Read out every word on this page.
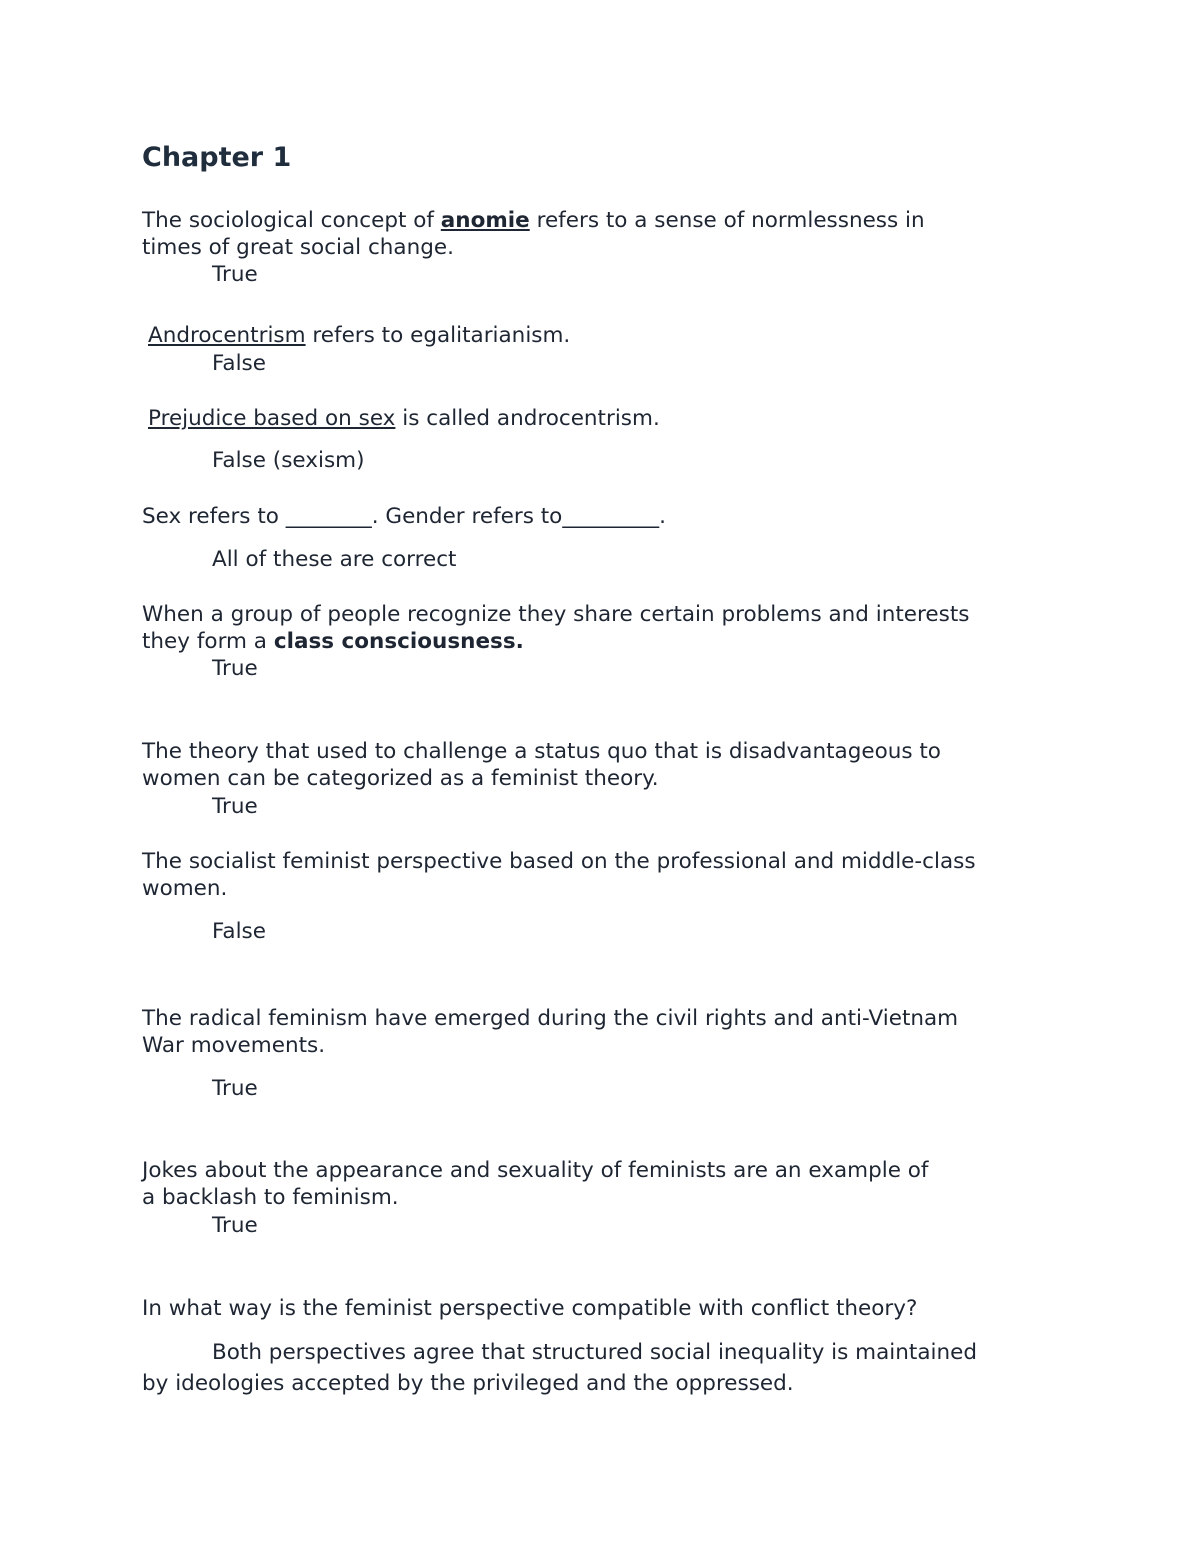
Chapter 1

The sociological concept of anomie refers to a sense of normlessness in

times of great social change.

True

Androcentrism refers to egalitarianism.

False

Prejudice based on sex is called androcentrism.

False (sexism)

Sex refers to ________. Gender refers to_________.

All of these are correct

When a group of people recognize they share certain problems and interests

they form a class consciousness.

True

The theory that used to challenge a status quo that is disadvantageous to

women can be categorized as a feminist theory.

True

The socialist feminist perspective based on the professional and middle-class

women.

False

The radical feminism have emerged during the civil rights and anti-Vietnam

War movements.

True

Jokes about the appearance and sexuality of feminists are an example of

a backlash to feminism.

True

In what way is the feminist perspective compatible with conflict theory?

Both perspectives agree that structured social inequality is maintained

by ideologies accepted by the privileged and the oppressed.
